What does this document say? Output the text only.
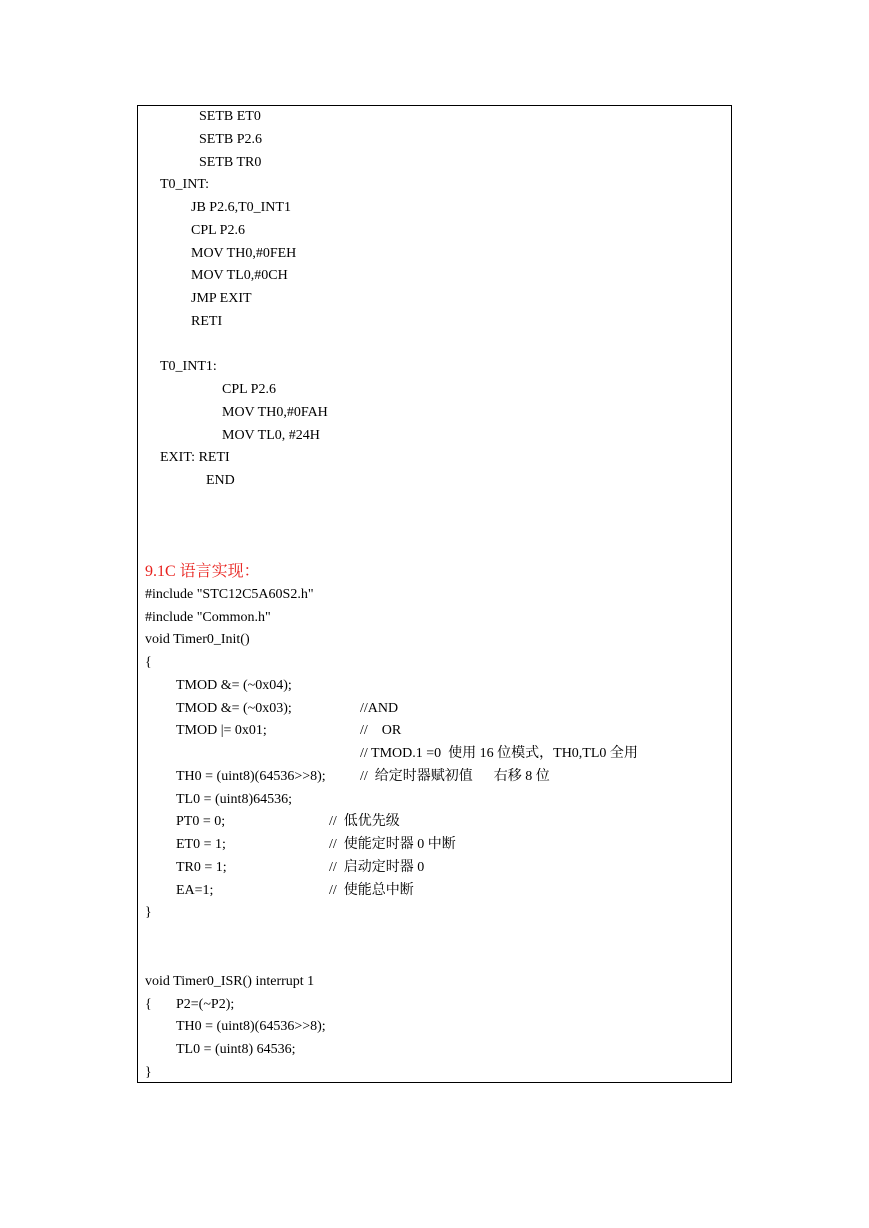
SETB ET0
SETB P2.6
SETB TR0
T0_INT:
JB P2.6,T0_INT1
CPL P2.6
MOV TH0,#0FEH
MOV TL0,#0CH
JMP EXIT
RETI
T0_INT1:
CPL P2.6
MOV TH0,#0FAH
MOV TL0, #24H
EXIT: RETI
END
9.1C 语言实现：
#include "STC12C5A60S2.h"
#include "Common.h"
void Timer0_Init()
{
TMOD &= (~0x04);
TMOD &= (~0x03);	//AND
TMOD |= 0x01;	//    OR
// TMOD.1 =0  使用 16 位模式，TH0,TL0 全用
TH0 = (uint8)(64536>>8); //  给定时器赋初值      右移 8 位
TL0 = (uint8)64536;
PT0 = 0;	//  低优先级
ET0 = 1;	//  使能定时器 0 中断
TR0 = 1;	//  启动定时器 0
EA=1;	//  使能总中断
}
void Timer0_ISR() interrupt 1
{ P2=(~P2);
TH0 = (uint8)(64536>>8);
TL0 = (uint8) 64536;
}
